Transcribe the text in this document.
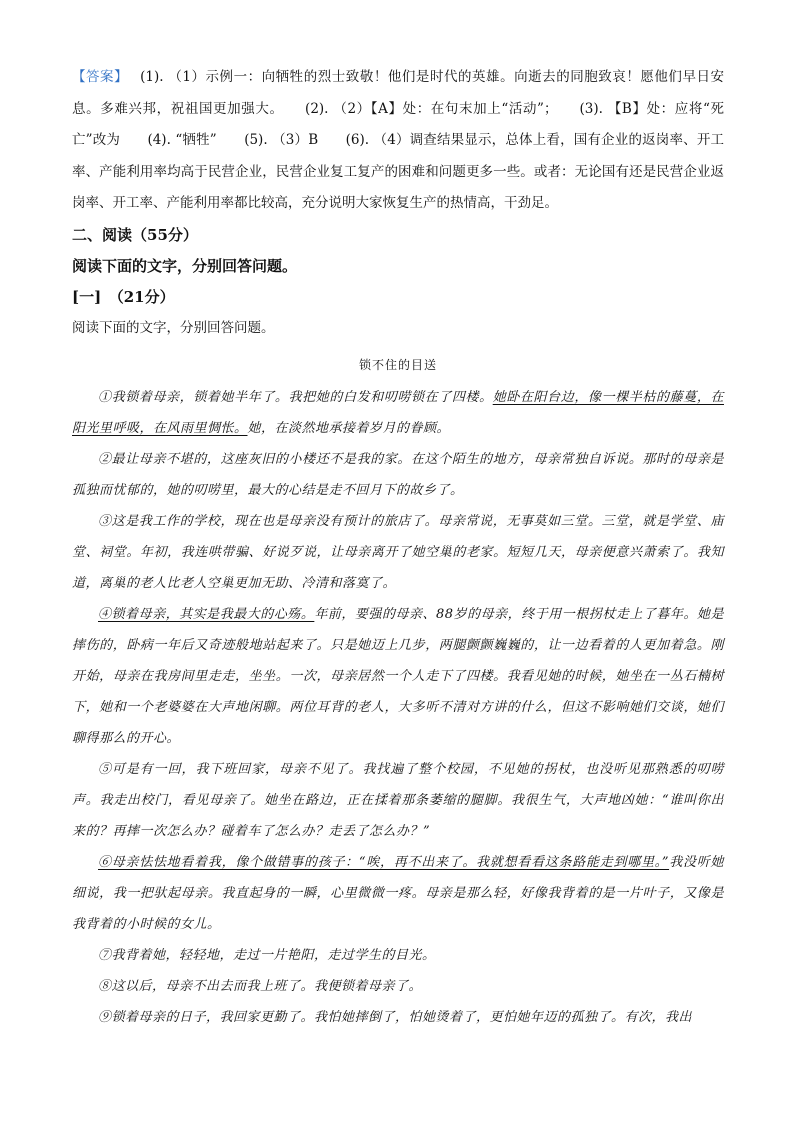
【答案】 (1). （1）示例一：向牺牲的烈士致敬！他们是时代的英雄。向逝去的同胞致哀！愿他们早日安息。多难兴邦，祝祖国更加强大。　　(2). （2）【A】处：在句末加上“活动”；　　(3). 【B】处：应将“死亡”改为　　(4). “牺牲”　　(5). （3）B　　(6). （4）调查结果显示，总体上看，国有企业的返岗率、开工率、产能利用率均高于民营企业，民营企业复工复产的困难和问题更多一些。或者：无论国有还是民营企业返岗率、开工率、产能利用率都比较高，充分说明大家恢复生产的热情高，干劲足。

二、阅读（55分）

阅读下面的文字，分别回答问题。

[一]　（21分）

阅读下面的文字，分别回答问题。

锁不住的目送

①我锁着母亲，锁着她半年了。我把她的白发和叨唠锁在了四楼。她卧在阳台边，像一棵半枯的藤蔓，在阳光里呼吸，在风雨里惆怅。她，在淡然地承接着岁月的眷顾。

②最让母亲不堪的，这座灰旧的小楼还不是我的家。在这个陌生的地方，母亲常独自诉说。那时的母亲是孤独而忧郁的，她的叨唠里，最大的心结是走不回月下的故乡了。

③这是我工作的学校，现在也是母亲没有预计的旅店了。母亲常说，无事莫如三堂。三堂，就是学堂、庙堂、祠堂。年初，我连哄带骗、好说歹说，让母亲离开了她空巢的老家。短短几天，母亲便意兴萧索了。我知道，离巢的老人比老人空巢更加无助、冷清和落寞了。

④锁着母亲，其实是我最大的心殇。年前，要强的母亲、88岁的母亲，终于用一根拐杖走上了暮年。她是摔伤的，卧病一年后又奇迹般地站起来了。只是她迈上几步，两腿颤颤巍巍的，让一边看着的人更加着急。刚开始，母亲在我房间里走走，坐坐。一次，母亲居然一个人走下了四楼。我看见她的时候，她坐在一丛石楠树下，她和一个老婆婆在大声地闲聊。两位耳背的老人，大多听不清对方讲的什么，但这不影响她们交谈，她们聊得那么的开心。

⑤可是有一回，我下班回家，母亲不见了。我找遍了整个校园，不见她的拐杖，也没听见那熟悉的叨唠声。我走出校门，看见母亲了。她坐在路边，正在揉着那条萎缩的腿脚。我很生气，大声地凶她：“谁叫你出来的？再摔一次怎么办？碰着车了怎么办？走丢了怎么办？”

⑥母亲怯怯地看着我，像个做错事的孩子：“唉，再不出来了。我就想看看这条路能走到哪里。”我没听她细说，我一把驮起母亲。我直起身的一瞬，心里微微一疼。母亲是那么轻，好像我背着的是一片叶子，又像是我背着的小时候的女儿。

⑦我背着她，轻轻地，走过一片艳阳，走过学生的目光。

⑧这以后，母亲不出去而我上班了。我便锁着母亲了。

⑨锁着母亲的日子，我回家更勤了。我怕她摔倒了，怕她烫着了，更怕她年迈的孤独了。有次，我出
